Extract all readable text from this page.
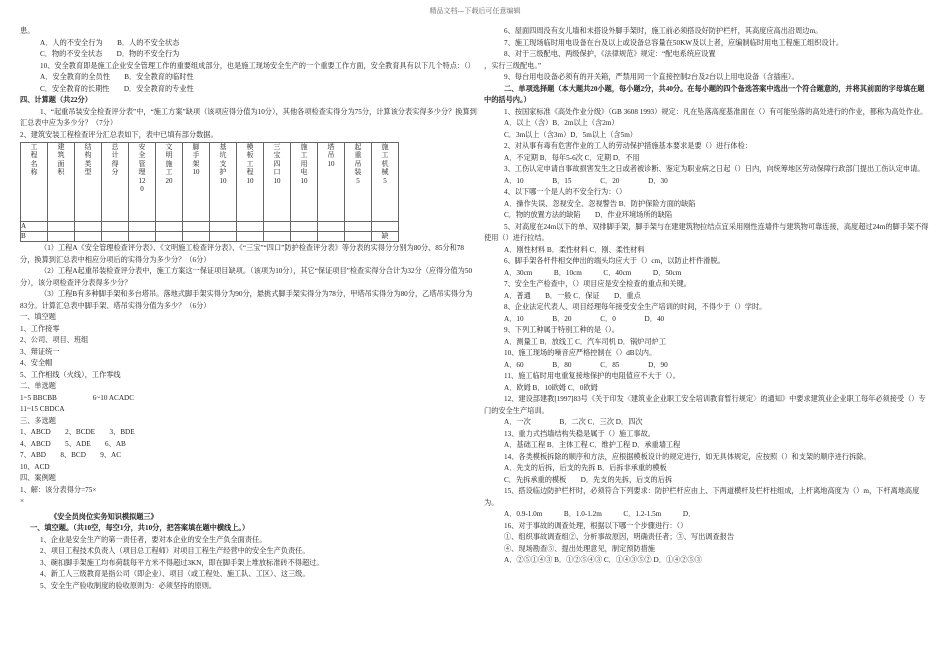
精品文档---下载后可任意编辑

患。

A．人的不安全行为　　B．人的不安全状态

C．物的不安全状态　　D．物的不安全行为

10、安全教育即是施工企业安全管理工作的重要组成部分，也是施工现场安全生产的一个重要工作方面，安全教育具有以下几个特点：（）

A．安全教育的全员性　　B．安全教育的临时性

C．安全教育的长期性　　D．安全教育的专业性

四、计算题（共22分）

1、“起重吊装安全检查评分表”中，“施工方案”缺项（该项应得分值为10分），其他各项检查实得分为75分，计算该分表实得多少分？换算到汇总表中应为多少分？（7分）

2、建筑安装工程检查评分汇总表如下，表中已填有部分数据。

工程名称	建筑面积	结构类型	总计得分	安全管理120	文明施工20	脚手架10	基坑支护10	模板工程10	三宝四口10	施工用电10	塔吊10	起重吊装5	施工机械5
A													
B													缺

（1）工程A《安全管理检查评分表》、《文明施工检查评分表》、《“三宝”“四口”防护检查评分表》等分表的实得分分别为80分、85分和78分，换算到汇总表中相应分项后的实得分为多少分？（6分）

（2）工程A起重吊装检查评分表中，施工方案这一保证项目缺项。（该项为10分），其它“保证项目”检查实得分合计为32分（应得分值为50分），该分项检查评分表得多少分？

（3）工程B有多种脚手架和多台塔吊。落地式脚手架实得分为90分，悬挑式脚手架实得分为78分，甲塔吊实得分为80分，乙塔吊实得分为83分。计算汇总表中脚手架、塔吊实得分值为多少？（6分）

一、填空题

1、工作接零

2、公司、项目、班组

3、辩证统一

4、安全帽

5、工作相线（火线），工作零线

二、单选题

1~5 BBCBB　　　　　6~10 ACADC

11~15 CBDCA

三、多选题

1、ABCD　　2、BCDE　　3、BDE

4、ABCD　　5、ADE　　6、AB

7、ABD　　8、BCD　　9、AC

10、ACD

四、案例题

1、解：该分表得分=75×

×

《安全员岗位实务知识模拟题三》

一、填空题。（共10空，每空1分，共10分，把答案填在题中横线上。）

1、企业是安全生产的第一责任者，要对本企业的安全生产负全面责任。

2、项目工程技术负责人（项目总工程师）对项目工程生产经营中的安全生产负责任。

3、碗扣脚手架施工均布荷载每平方米不得超过3KN，即在脚手架上堆放标准砖不得超过。

4、新工人三级教育是指公司（即企业）、项目（或工程处、施工队、工区）、这三级。

5、安全生产验收制度的验收原则为：必须坚持的原则。

6、屋面四周没有女儿墙和未搭设外脚手架时，施工前必须搭设好防护栏杆，其高度应高出沿周边m。

7、施工现场临时用电设备在台及以上或设备总容量在50KW及以上者，应编制临时用电工程施工组织设计。

8、对于三级配电、两级保护，《法律规范》规定：“配电系统应设置

，实行三级配电。”

9、每台用电设备必须有的开关箱，严禁用同一个直接控制2台及2台以上用电设备（含插座）。

二、单项选择题（本大题共20小题，每小题2分，共40分。在每小题的四个备选答案中选出一个符合题意的，并将其前面的字母填在题中的括号内。）

1、按国家标准《高处作业分级》（GB 3608 1993）规定：凡在坠落高度基准面在（）有可能坠落的高处进行的作业，都称为高处作业。

A．以上（含）B．2m以上（含2m）

C．3m以上（含3m）D．5m以上（含5m）

2、对从事有毒有危害作业的工人的劳动保护措施基本要求是要（）进行体检：

A．不定期 B．每年5-6次 C．定期 D．不用

3、工伤认定申请自事故损害发生之日或者被诊断、鉴定为职业病之日起（）日内，向统筹地区劳动保障行政部门提出工伤认定申请。

A．10　　　　B．15　　　　C．20　　　　D．30

4、以下哪一个是人的不安全行为：（）

A．操作失误、忽视安全、忽视警告 B．防护保险方面的缺陷

C．物的放置方法的缺陷　　D．作业环境场所的缺陷

5、对高度在24m以下的单、双排脚手架，脚手架与在建建筑物拉结点宜采用刚性连墙件与建筑物可靠连接，高度超过24m的脚手架不得使用（）进行拉结。

A．刚性材料 B．柔性材料 C．刚、柔性材料

6、脚手架各杆件相交伸出的端头均应大于（）cm，以防止杆件滑脱。

A．30cm　　　B．10cm　　　C．40cm　　　D．50cm

7、安全生产检查中，（）项目应是安全检查的重点和关键。

A．普通　　B．一般 C．保证　　D．重点

8、企业法定代表人、项目经理每年接受安全生产培训的时间，不得少于（）学时。

A．10　　　　B．20　　　　C．0　　　　D．40

9、下列工种属于特别工种的是（）。

A．测量工 B．放线工 C．汽车司机 D．锅炉司炉工

10、施工现场的噪音应严格控制在（）dB以内。

A．60　　　　B．80　　　　C．85　　　　D．90

11、施工临时用电重复接地保护的电阻值应不大于（）。

A．欧姆 B．10欧姆 C．0欧姆

12、建设部建教[1997]83号《关于印发〈建筑业企业职工安全培训教育暂行规定〉的通知》中要求建筑业企业职工每年必须接受（）专门的安全生产培训。

A．一次　　　　B．二次 C．三次 D．四次

13、重力式挡墙结构失稳是属于（）施工事故。

A．基础工程 B．主体工程 C．维护工程 D．承重墙工程

14、各类模板拆除的顺序和方法，应根据模板设计的规定进行，如无具体规定，应按照（）和支架的顺序进行拆除。

A．先支的后拆，后支的先拆 B．后拆非承重的模板

C．先拆承重的模板　　D．先支的先拆，后支的后拆

15、搭设临边防护栏杆时，必须符合下列要求：防护栏杆应由上、下两道横杆及栏杆柱组成，上杆离地高度为（）m，下杆离地高度为。

A．0.9-1.0m　　　B．1.0-1.2m　　　C．1.2-1.5m　　　D．

16、对于事故的调查处理，根据以下哪一个步骤进行：（）

①、组织事故调查组②、分析事故原因，明确责任者；③、写出调查报告

④、现场勘查⑤、提出处理意见，制定预防措施

A．②⑤①④③ B．①②⑤④③ C．①④③⑤② D．①④②⑤③
